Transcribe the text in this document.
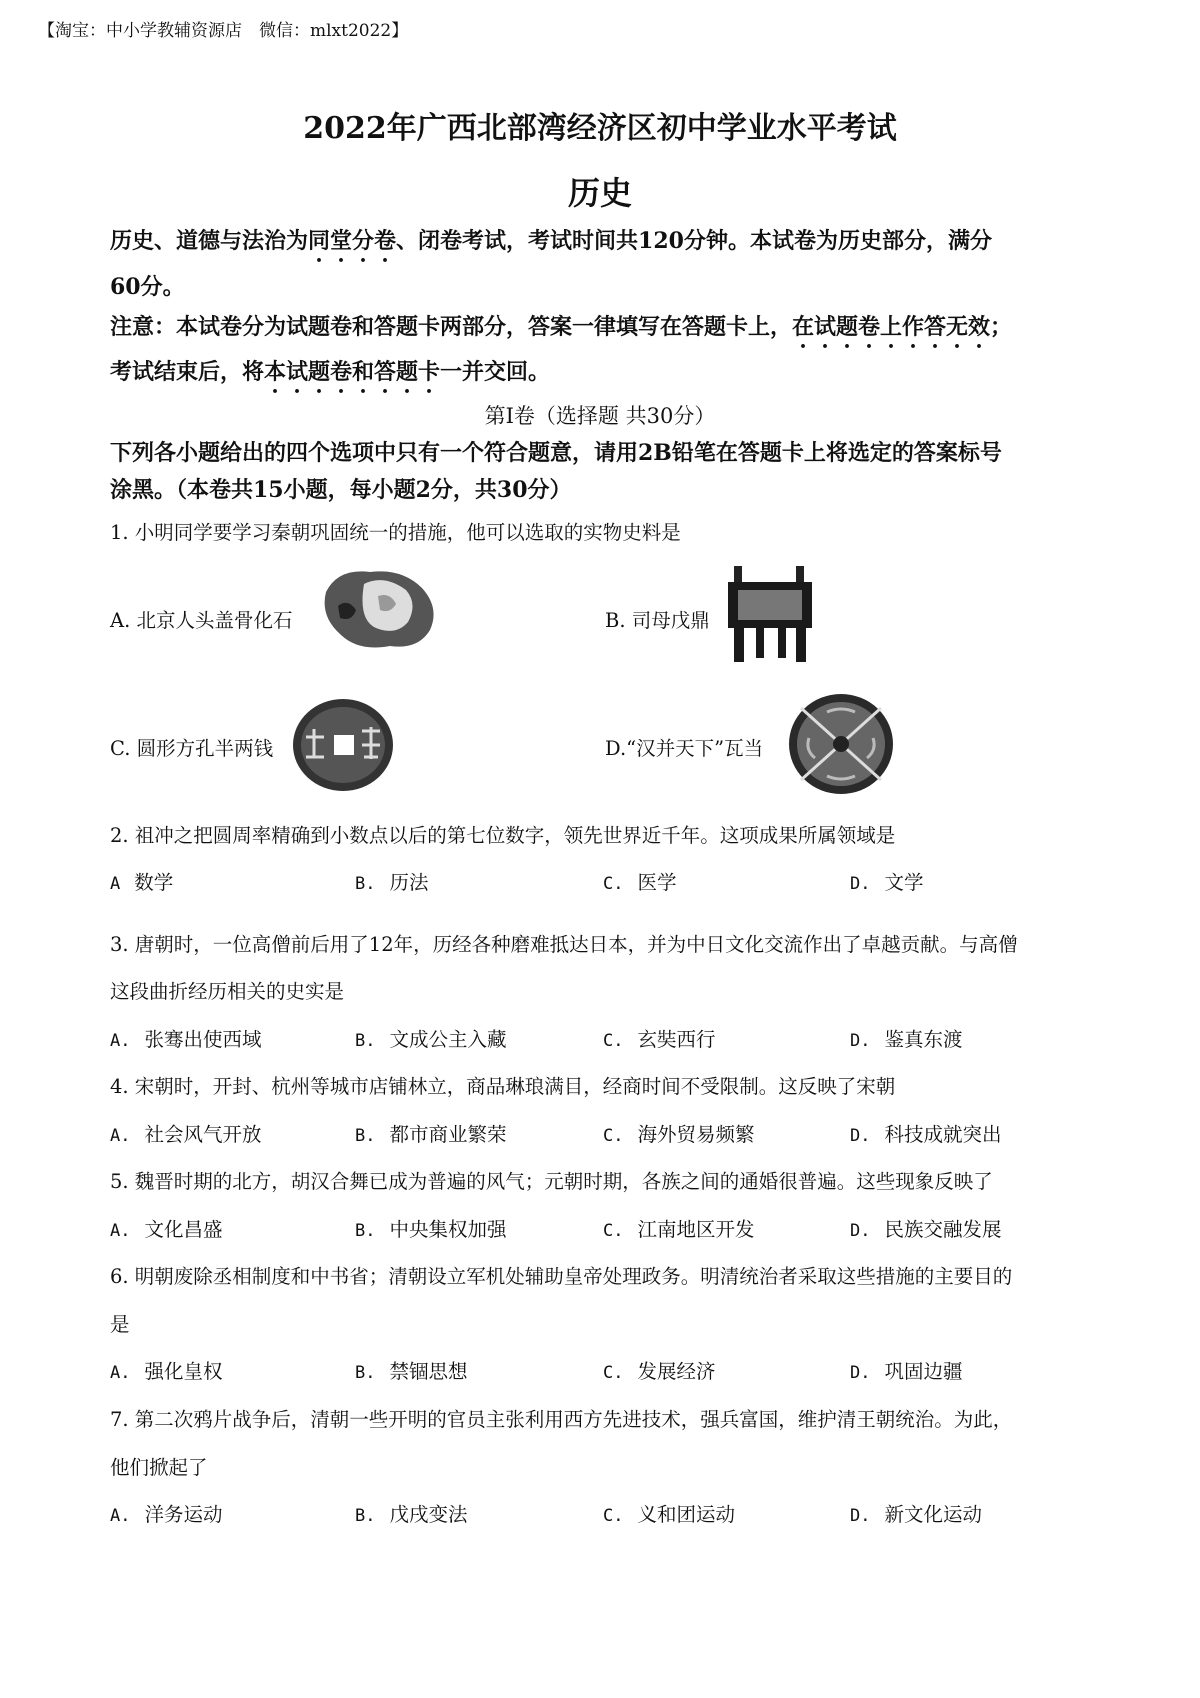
【淘宝：中小学教辅资源店　微信：mlxt2022】
2022年广西北部湾经济区初中学业水平考试
历史
历史、道德与法治为同堂分卷、闭卷考试，考试时间共120分钟。本试卷为历史部分，满分
60分。
注意：本试卷分为试题卷和答题卡两部分，答案一律填写在答题卡上，在试题卷上作答无效；
考试结束后，将本试题卷和答题卡一并交回。
第Ⅰ卷（选择题 共30分）
下列各小题给出的四个选项中只有一个符合题意，请用2B铅笔在答题卡上将选定的答案标号
涂黑。（本卷共15小题，每小题2分，共30分）
1. 小明同学要学习秦朝巩固统一的措施，他可以选取的实物史料是
A. 北京人头盖骨化石	B. 司母戊鼎
C. 圆形方孔半两钱	D.“汉并天下”瓦当
2. 祖冲之把圆周率精确到小数点以后的第七位数字，领先世界近千年。这项成果所属领域是
A 数学	B. 历法	C. 医学	D. 文学
3. 唐朝时，一位高僧前后用了12年，历经各种磨难抵达日本，并为中日文化交流作出了卓越贡献。与高僧
这段曲折经历相关的史实是
A. 张骞出使西域	B. 文成公主入藏	C. 玄奘西行	D. 鉴真东渡
4. 宋朝时，开封、杭州等城市店铺林立，商品琳琅满目，经商时间不受限制。这反映了宋朝
A. 社会风气开放	B. 都市商业繁荣	C. 海外贸易频繁	D. 科技成就突出
5. 魏晋时期的北方，胡汉合舞已成为普遍的风气；元朝时期，各族之间的通婚很普遍。这些现象反映了
A. 文化昌盛	B. 中央集权加强	C. 江南地区开发	D. 民族交融发展
6. 明朝废除丞相制度和中书省；清朝设立军机处辅助皇帝处理政务。明清统治者采取这些措施的主要目的
是
A. 强化皇权	B. 禁锢思想	C. 发展经济	D. 巩固边疆
7. 第二次鸦片战争后，清朝一些开明的官员主张利用西方先进技术，强兵富国，维护清王朝统治。为此，
他们掀起了
A. 洋务运动	B. 戊戌变法	C. 义和团运动	D. 新文化运动
